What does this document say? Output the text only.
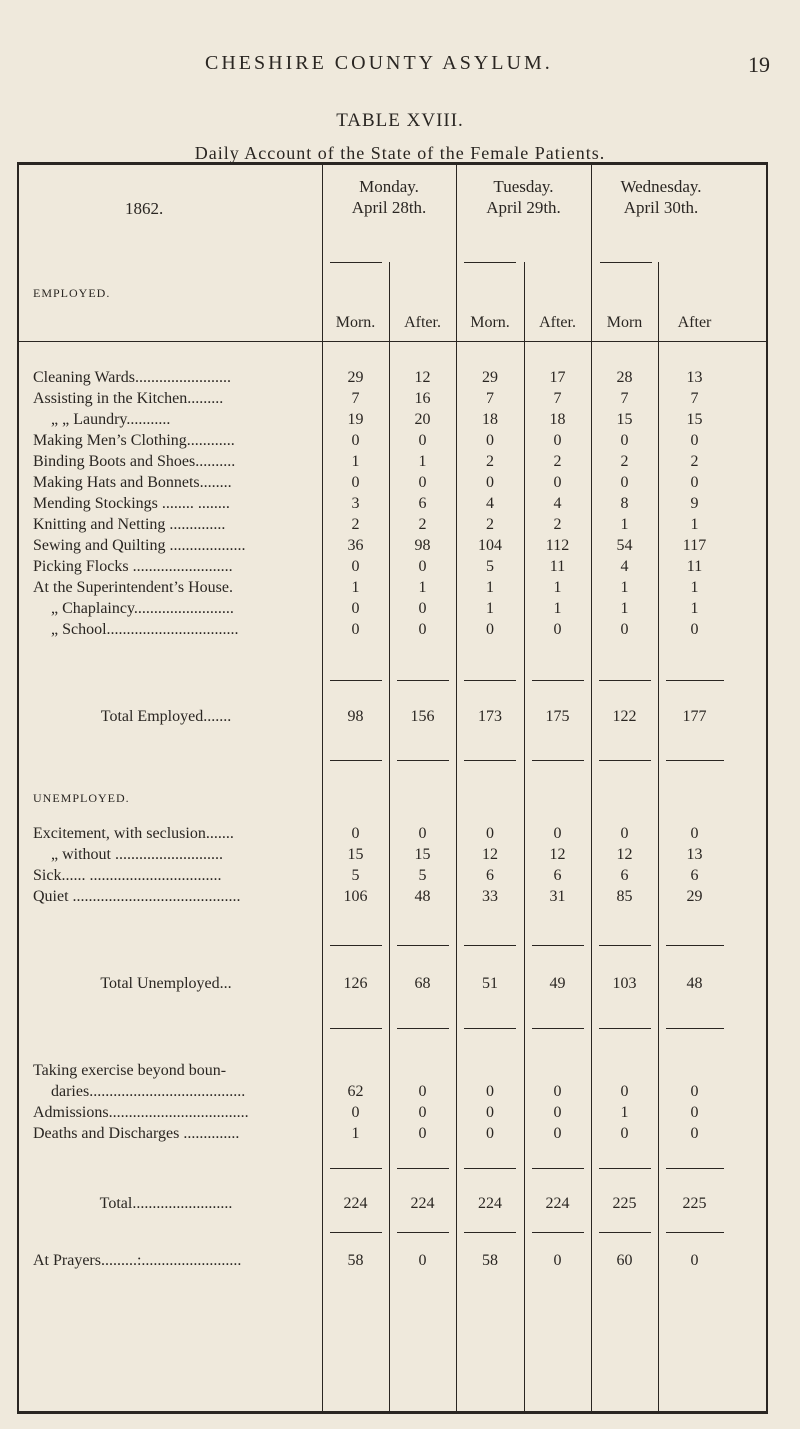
CHESHIRE COUNTY ASYLUM.	19
TABLE XVIII.
Daily Account of the State of the Female Patients.
1862.
EMPLOYED.
Monday.
April 28th.
Tuesday.
April 29th.
Wednesday.
April 30th.
Morn.	After.	Morn.	After.	Morn	After
Cleaning Wards........................	29	12	29	17	28	13
Assisting in the Kitchen.........	7	16	7	7	7	7
„ „ Laundry...........	19	20	18	18	15	15
Making Men’s Clothing............	0	0	0	0	0	0
Binding Boots and Shoes..........	1	1	2	2	2	2
Making Hats and Bonnets........	0	0	0	0	0	0
Mending Stockings ........ ........	3	6	4	4	8	9
Knitting and Netting ..............	2	2	2	2	1	1
Sewing and Quilting ...................	36	98	104	112	54	117
Picking Flocks .........................	0	0	5	11	4	11
At the Superintendent’s House.	1	1	1	1	1	1
„ Chaplaincy.........................	0	0	1	1	1	1
„ School.................................	0	0	0	0	0	0
Total Employed.......	98	156	173	175	122	177
UNEMPLOYED.
Excitement, with seclusion.......	0	0	0	0	0	0
„ without ...........................	15	15	12	12	12	13
Sick...... .................................	5	5	6	6	6	6
Quiet ..........................................	106	48	33	31	85	29
Total Unemployed...	126	68	51	49	103	48
Taking exercise beyond boun-
daries.......................................	62	0	0	0	0	0
Admissions...................................	0	0	0	0	1	0
Deaths and Discharges ..............	1	0	0	0	0	0
Total.........................	224	224	224	224	225	225
At Prayers.........:.........................	58	0	58	0	60	0
